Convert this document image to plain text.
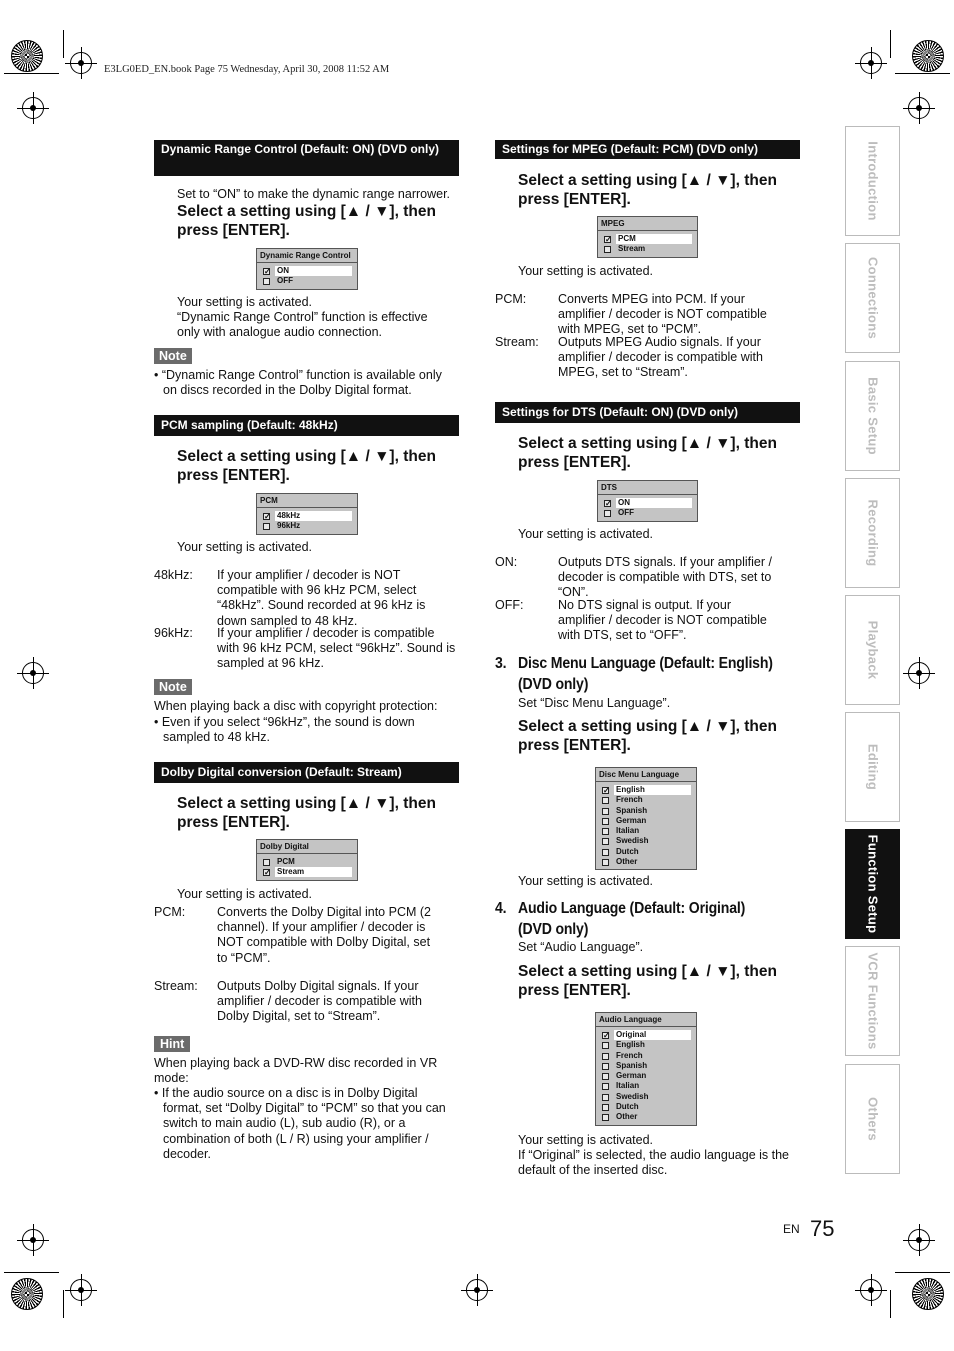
E3LG0ED_EN.book Page 75 Wednesday, April 30, 2008 11:52 AM
Dynamic Range Control (Default: ON) (DVD only)
Set to “ON” to make the dynamic range narrower.
Select a setting using [▲ / ▼], then press [ENTER].
Dynamic Range Control
✓ ON
OFF
Your setting is activated.
“Dynamic Range Control” function is effective
only with analogue audio connection.
Note
• “Dynamic Range Control” function is available only on discs recorded in the Dolby Digital format.
PCM sampling (Default: 48kHz)
Select a setting using [▲ / ▼], then press [ENTER].
PCM
✓ 48kHz
96kHz
Your setting is activated.
48kHz: If your amplifier / decoder is NOT compatible with 96 kHz PCM, select “48kHz”. Sound recorded at 96 kHz is down sampled to 48 kHz.
96kHz: If your amplifier / decoder is compatible with 96 kHz PCM, select “96kHz”. Sound is sampled at 96 kHz.
Note
When playing back a disc with copyright protection:
• Even if you select “96kHz”, the sound is down sampled to 48 kHz.
Dolby Digital conversion (Default: Stream)
Select a setting using [▲ / ▼], then press [ENTER].
Dolby Digital
PCM
✓ Stream
Your setting is activated.
PCM:	Converts the Dolby Digital into PCM (2 channel). If your amplifier / decoder is NOT compatible with Dolby Digital, set to “PCM”.
Stream: Outputs Dolby Digital signals. If your amplifier / decoder is compatible with Dolby Digital, set to “Stream”.
Hint
When playing back a DVD-RW disc recorded in VR mode:
• If the audio source on a disc is in Dolby Digital format, set “Dolby Digital” to “PCM” so that you can switch to main audio (L), sub audio (R), or a combination of both (L / R) using your amplifier / decoder.
Settings for MPEG (Default: PCM) (DVD only)
Select a setting using [▲ / ▼], then press [ENTER].
MPEG
✓ PCM
Stream
Your setting is activated.
PCM:	Converts MPEG into PCM. If your amplifier / decoder is NOT compatible with MPEG, set to “PCM”.
Stream: Outputs MPEG Audio signals. If your amplifier / decoder is compatible with MPEG, set to “Stream”.
Settings for DTS (Default: ON) (DVD only)
Select a setting using [▲ / ▼], then press [ENTER].
DTS
✓ ON
OFF
Your setting is activated.
ON:	Outputs DTS signals. If your amplifier / decoder is compatible with DTS, set to “ON”.
OFF:	No DTS signal is output. If your amplifier / decoder is NOT compatible with DTS, set to “OFF”.
3. Disc Menu Language (Default: English)
(DVD only)
Set “Disc Menu Language”.
Select a setting using [▲ / ▼], then press [ENTER].
Disc Menu Language
✓ English
French
Spanish
German
Italian
Swedish
Dutch
Other
Your setting is activated.
4. Audio Language (Default: Original)
(DVD only)
Set “Audio Language”.
Select a setting using [▲ / ▼], then press [ENTER].
Audio Language
✓ Original
English
French
Spanish
German
Italian
Swedish
Dutch
Other
Your setting is activated.
If “Original” is selected, the audio language is the default of the inserted disc.
Introduction
Connections
Basic Setup
Recording
Playback
Editing
Function Setup
VCR Functions
Others
EN 75
